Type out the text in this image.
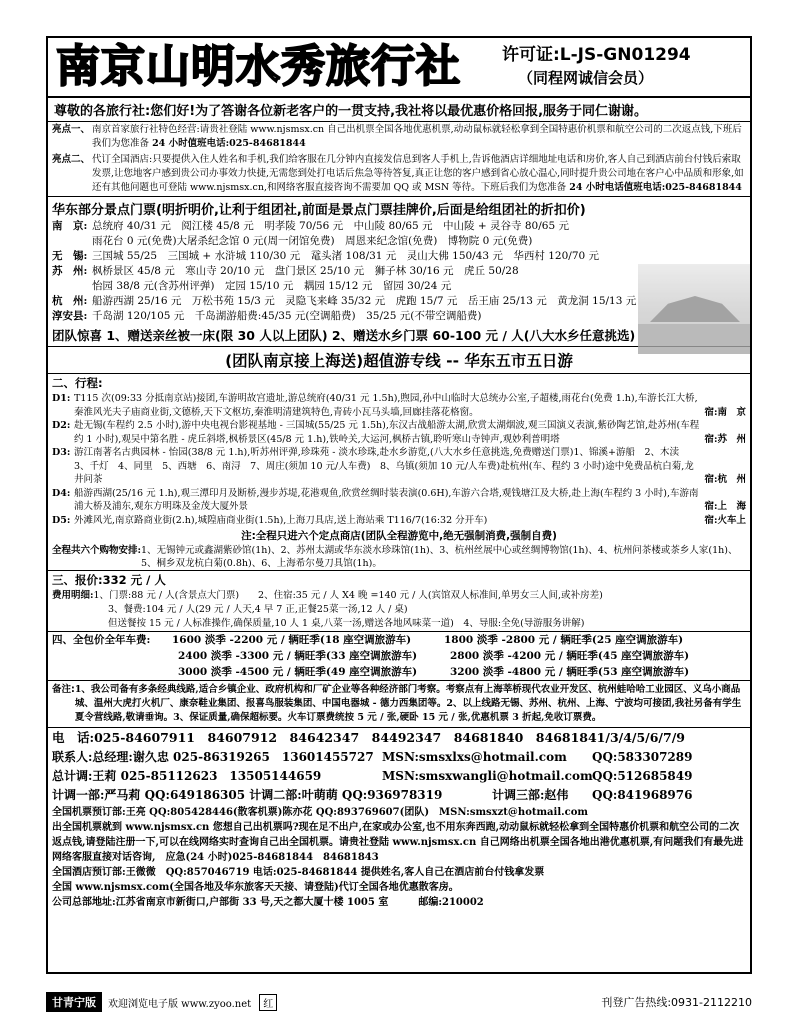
南京山明水秀旅行社 许可证:L-JS-GN01294
（同程网诚信会员）
尊敬的各旅行社:您们好!为了答谢各位新老客户的一贯支持,我社将以最优惠价格回报,服务于同仁谢谢。
亮点一、 南京首家旅行社特色经营:请贵社登陆 www.njsmsx.cn 自己出机票全国各地优惠机票,动动鼠标就轻松拿到全国特惠价机票和航空公司的二次返点钱,下班后我们为您准备 24 小时值班电话:025-84681844
亮点二、 代订全国酒店:只要提供入住人姓名和手机,我们给客服在几分钟内直接发信息到客人手机上,告诉他酒店详细地址电话和房价,客人自己到酒店前台付钱后索取发票,让您地客户感到贵公司办事效力快捷,无需您到处打电话后焦急等待答复,真正让您的客户感到省心放心温心,同时提升贵公司地在客户心中品质和形象,如还有其他问题也可登陆 www.njsmsx.cn,和网络客服直接咨询不需要加 QQ 或 MSN 等待。下班后我们为您准备 24 小时电话值班电话:025-84681844
华东部分景点门票(明折明价,让利于组团社,前面是景点门票挂牌价,后面是给组团社的折扣价)
南　京: 总统府 40/31 元　阅江楼 45/8 元　明孝陵 70/56 元　中山陵 80/65 元　中山陵 + 灵谷寺 80/65 元
雨花台 0 元(免费)大屠杀纪念馆 0 元(周一闭馆免费)　周恩来纪念馆(免费)　博物院 0 元(免费)
无　锡: 三国城 55/25　三国城 + 水浒城 110/30 元　鼋头渚 108/31 元　灵山大佛 150/43 元　华西村 120/70 元
苏　州: 枫桥景区 45/8 元　寒山寺 20/10 元　盘门景区 25/10 元　狮子林 30/16 元　虎丘 50/28
怡园 38/8 元(含苏州评弹)　定园 15/10 元　耦园 15/12 元　留园 30/24 元
杭　州: 船游西湖 25/16 元　万松书苑 15/3 元　灵隐飞来峰 35/32 元　虎跑 15/7 元　岳王庙 25/13 元　黄龙洞 15/13 元
淳安县: 千岛湖 120/105 元　千岛湖游船费:45/35 元(空调船费)　35/25 元(不带空调船费)
团队惊喜 1、赠送亲丝被一床(限 30 人以上团队) 2、赠送水乡门票 60-100 元 / 人(八大水乡任意挑选)
(团队南京接上海送)超值游专线 -- 华东五市五日游
二、行程:
D1: T115 次(09:33 分抵南京站)接团,车游明故宫遗址,游总统府(40/31 元 1.5h),煦园,孙中山临时大总统办公室,子超楼,雨花台(免费 1.h),车游长江大桥,秦淮风光夫子庙商业街,文德桥,天下文枢坊,秦淮明清建筑特色,青砖小瓦马头墙,回廊挂落花格窗。	宿:南　京
D2: 赴无锡(车程约 2.5 小时),游中央电视台影视基地 - 三国城(55/25 元 1.5h),东汉古战船游太湖,欣赏太湖烟波,观三国演义表演,紫砂陶艺馆,赴苏州(车程约 1 小时),观吴中第名胜 - 虎丘斜塔,枫桥景区(45/8 元 1.h),铁岭关,大运河,枫桥古镇,聆听寒山寺钟声,观妙利普明塔	宿:苏　州
D3: 游江南著名古典园林 - 怡园(38/8 元 1.h),听苏州评弹,珍珠苑 - 淡水珍珠,赴水乡游览,(八大水乡任意挑选,免费赠送门票)1、锦溪+游船　2、木渎　3、千灯　4、同里　5、西塘　6、南浔　7、周庄(须加 10 元/人车费)　8、乌镇(须加 10 元/人车费)赴杭州(车、程约 3 小时)途中免费品杭白菊,龙井问茶	宿:杭　州
D4: 船游西湖(25/16 元 1.h),观三潭印月及断桥,漫步苏堤,花港观鱼,欣赏丝绸时装表演(0.6H),车游六合塔,观钱塘江及大桥,赴上海(车程约 3 小时),车游南浦大桥及浦东,观东方明珠及金茂大厦外景	宿:上　海
D5: 外滩风光,南京路商业街(2.h),城隍庙商业街(1.5h),上海刀具店,送上海站乘 T116/7(16:32 分开车)	宿:火车上
注:全程只进六个定点商店(团队全程游览中,绝无强制消费,强制自费)
全程共六个购物安排: 1、无锡钟元或鑫湖紫砂馆(1h)、2、苏州太湖或华东淡水珍珠馆(1h)、3、杭州丝展中心或丝绸博物馆(1h)、4、杭州问茶楼或茶乡人家(1h)、5、桐乡双龙杭白菊(0.8h)、6、上海希尔曼刀具馆(1h)。
三、报价:332 元 / 人
费用明细:1、门票:88 元 / 人(含景点大门票)　　2、住宿:35 元 / 人 X4 晚 =140 元 / 人(宾馆双人标准间,单男女三人间,或补房差)
3、餐费:104 元 / 人(29 元 / 人天,4 早 7 正,正餐25菜一汤,12 人 / 桌)
但送餐按 15 元 / 人标准操作,确保质量,10 人 1 桌,八菜一汤,赠送各地风味菜一道)　4、导服:全免(导游服务讲解)
四、全包价全年车费:	1600 淡季 -2200 元 / 辆旺季(18 座空调旅游车)	1800 淡季 -2800 元 / 辆旺季(25 座空调旅游车)
2400 淡季 -3300 元 / 辆旺季(33 座空调旅游车)	2800 淡季 -4200 元 / 辆旺季(45 座空调旅游车)
3000 淡季 -4500 元 / 辆旺季(49 座空调旅游车)	3200 淡季 -4800 元 / 辆旺季(53 座空调旅游车)
备注: 1、我公司备有多条经典线路,适合乡镇企业、政府机构和厂矿企业等各种经济部门考察。考察点有上海莘桥现代农业开发区、杭州蛙哈哈工业园区、义乌小商品城、温州大虎打火机厂、康奈鞋业集团、报喜鸟服装集团、中国电器城 - 德力西集团等。2、以上线路无锡、苏州、杭州、上海、宁波均可接团,我社另备有学生夏令营线路,敬请垂询。3、保证质量,确保超标要。火车订票费统按 5 元 / 张,硬卧 15 元 / 张,优惠机票 3 折起,免收订票费。
电　话:025-84607911　84607912　84642347　84492347　84681840　84681841/3/4/5/6/7/9
联系人:总经理:谢久忠 025-86319265　13601455727 MSN:smsxlxs@hotmail.com	QQ:583307289
总计调:王莉 025-85112623　13505144659	MSN:smsxwangli@hotmail.com QQ:512685849
计调一部:严马莉 QQ:649186305 计调二部:叶萌萌 QQ:936978319	计调三部:赵伟	QQ:841968976
全国机票预订部:王亮 QQ:805428446(散客机票)陈亦花 QQ:893769607(团队)　MSN:smsxzt@hotmail.com
出全国机票就到 www.njsmsx.cn 您想自己出机票吗?现在足不出户,在家或办公室,也不用东奔西跑,动动鼠标就轻松拿到全国特惠价机票和航空公司的二次返点钱,请登陆注册一下,可以在线网络实时查询自己出全国机票。请贵社登陆 www.njsmsx.cn 自己网络出机票全国各地出港优惠机票,有问题我们有最先进网络客服直接对话咨询,　应急(24 小时)025-84681844　84681843
全国酒店预订部:王微微　QQ:857046719 电话:025-84681844 提供姓名,客人自己在酒店前台付钱拿发票
全国 www.njsmsx.com(全国各地及华东旅客天天接、请登陆)代订全国各地优惠散客房。
公司总部地址:江苏省南京市新街口,户部街 33 号,天之都大厦十楼 1005 室　　　邮编:210002
甘青宁版	欢迎浏览电子版 www.zyoo.net	红	刊登广告热线:0931-2112210
